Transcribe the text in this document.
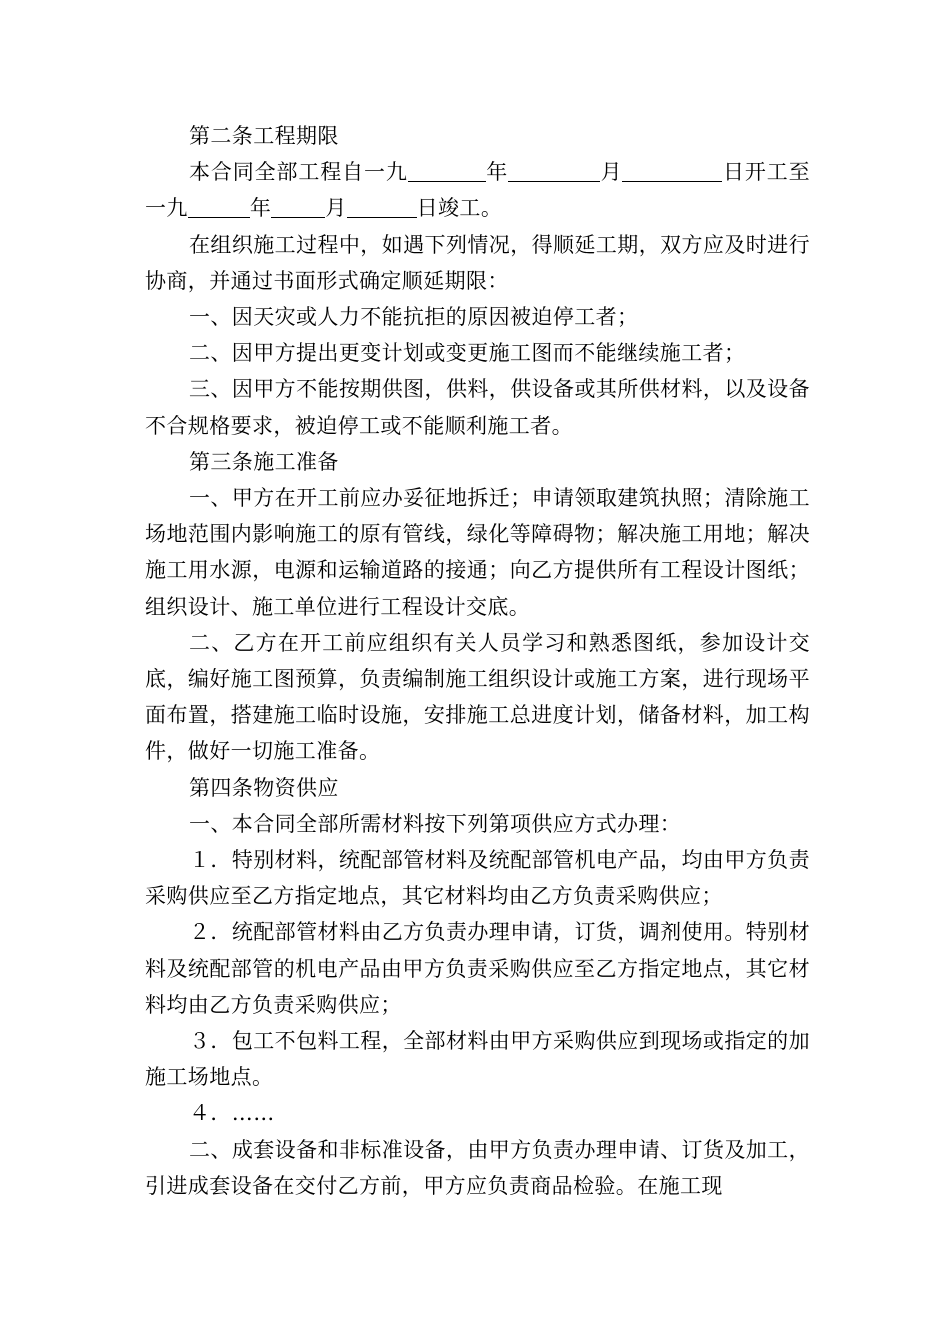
第二条工程期限

本合同全部工程自一九	年	月	日开工至一九	年	月	日竣工。

在组织施工过程中，如遇下列情况，得顺延工期，双方应及时进行协商，并通过书面形式确定顺延期限：

一、因天灾或人力不能抗拒的原因被迫停工者；

二、因甲方提出更变计划或变更施工图而不能继续施工者；

三、因甲方不能按期供图，供料，供设备或其所供材料，以及设备不合规格要求，被迫停工或不能顺利施工者。

第三条施工准备

一、甲方在开工前应办妥征地拆迁；申请领取建筑执照；清除施工场地范围内影响施工的原有管线，绿化等障碍物；解决施工用地；解决施工用水源，电源和运输道路的接通；向乙方提供所有工程设计图纸；组织设计、施工单位进行工程设计交底。

二、乙方在开工前应组织有关人员学习和熟悉图纸，参加设计交底，编好施工图预算，负责编制施工组织设计或施工方案，进行现场平面布置，搭建施工临时设施，安排施工总进度计划，储备材料，加工构件，做好一切施工准备。

第四条物资供应

一、本合同全部所需材料按下列第项供应方式办理：

１．特别材料，统配部管材料及统配部管机电产品，均由甲方负责采购供应至乙方指定地点，其它材料均由乙方负责采购供应；

２．统配部管材料由乙方负责办理申请，订货，调剂使用。特别材料及统配部管的机电产品由甲方负责采购供应至乙方指定地点，其它材料均由乙方负责采购供应；

３．包工不包料工程，全部材料由甲方采购供应到现场或指定的加施工场地点。

４．……

二、成套设备和非标准设备，由甲方负责办理申请、订货及加工，引进成套设备在交付乙方前，甲方应负责商品检验。在施工现
